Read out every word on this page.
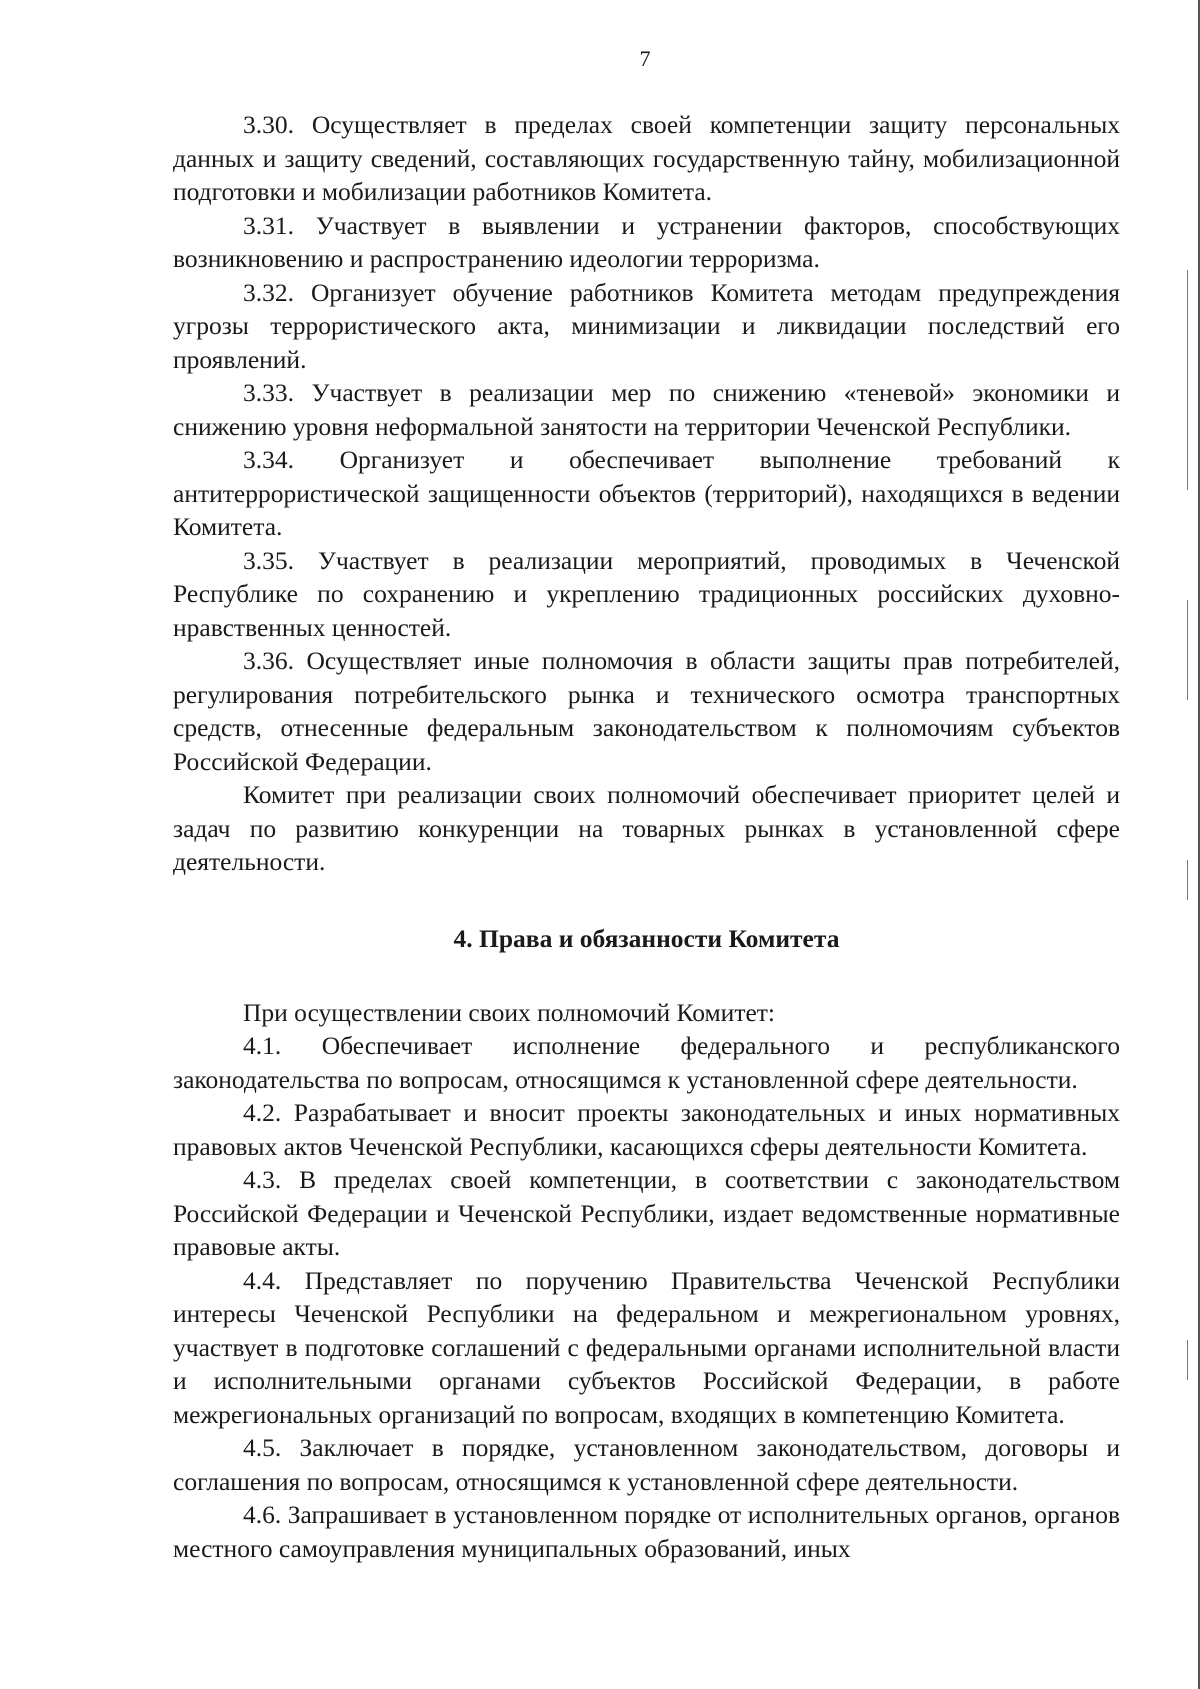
7

3.30. Осуществляет в пределах своей компетенции защиту персональных данных и защиту сведений, составляющих государственную тайну, мобилизационной подготовки и мобилизации работников Комитета.

3.31. Участвует в выявлении и устранении факторов, способствующих возникновению и распространению идеологии терроризма.

3.32. Организует обучение работников Комитета методам предупреждения угрозы террористического акта, минимизации и ликвидации последствий его проявлений.

3.33. Участвует в реализации мер по снижению «теневой» экономики и снижению уровня неформальной занятости на территории Чеченской Республики.

3.34. Организует и обеспечивает выполнение требований к антитеррористической защищенности объектов (территорий), находящихся в ведении Комитета.

3.35. Участвует в реализации мероприятий, проводимых в Чеченской Республике по сохранению и укреплению традиционных российских духовно-нравственных ценностей.

3.36. Осуществляет иные полномочия в области защиты прав потребителей, регулирования потребительского рынка и технического осмотра транспортных средств, отнесенные федеральным законодательством к полномочиям субъектов Российской Федерации.

Комитет при реализации своих полномочий обеспечивает приоритет целей и задач по развитию конкуренции на товарных рынках в установленной сфере деятельности.

4. Права и обязанности Комитета

При осуществлении своих полномочий Комитет:

4.1. Обеспечивает исполнение федерального и республиканского законодательства по вопросам, относящимся к установленной сфере деятельности.

4.2. Разрабатывает и вносит проекты законодательных и иных нормативных правовых актов Чеченской Республики, касающихся сферы деятельности Комитета.

4.3. В пределах своей компетенции, в соответствии с законодательством Российской Федерации и Чеченской Республики, издает ведомственные нормативные правовые акты.

4.4. Представляет по поручению Правительства Чеченской Республики интересы Чеченской Республики на федеральном и межрегиональном уровнях, участвует в подготовке соглашений с федеральными органами исполнительной власти и исполнительными органами субъектов Российской Федерации, в работе межрегиональных организаций по вопросам, входящих в компетенцию Комитета.

4.5. Заключает в порядке, установленном законодательством, договоры и соглашения по вопросам, относящимся к установленной сфере деятельности.

4.6. Запрашивает в установленном порядке от исполнительных органов, органов местного самоуправления муниципальных образований, иных
